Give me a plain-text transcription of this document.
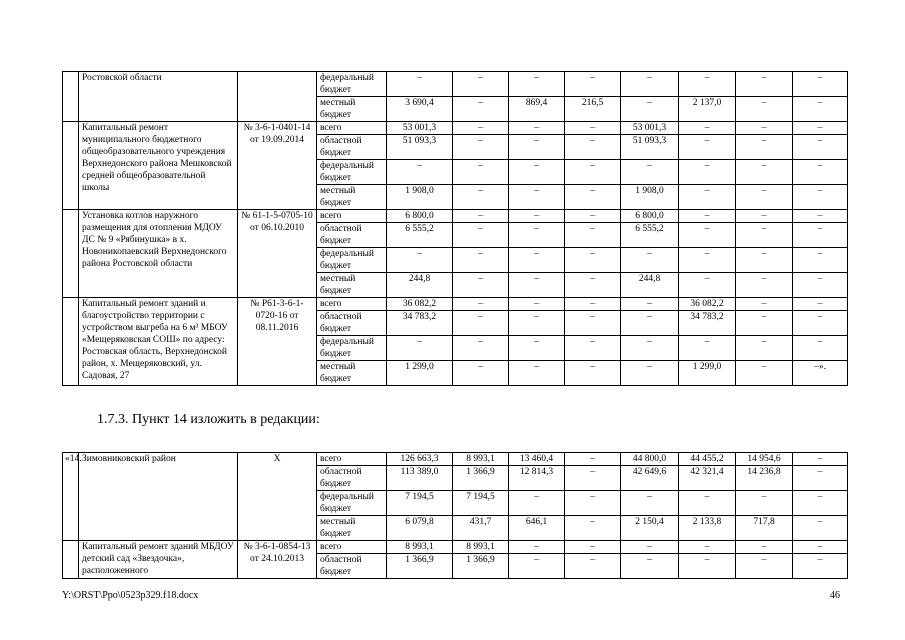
	Ростовской области		федеральный бюджет	–	–	–	–	–	–	–	–
			местный бюджет	3 690,4	–	869,4	216,5	–	2 137,0	–	–
	Капитальный ремонт муниципального бюджетного общеобразовательного учреждения Верхнедонского района Мешковской средней общеобразовательной школы	№ 3-6-1-0401-14 от 19.09.2014	всего	53 001,3	–	–	–	53 001,3	–	–	–
			областной бюджет	51 093,3	–	–	–	51 093,3	–	–	–
			федеральный бюджет	–	–	–	–	–	–	–	–
			местный бюджет	1 908,0	–	–	–	1 908,0	–	–	–
	Установка котлов наружного размещения для отопления МДОУ ДС № 9 «Рябинушка» в х. Новоникопаевский Верхнедонского района Ростовской области	№ 61-1-5-0705-10 от 06.10.2010	всего	6 800,0	–	–	–	6 800,0	–	–	–
			областной бюджет	6 555,2	–	–	–	6 555,2	–	–	–
			федеральный бюджет	–	–	–	–	–	–	–	–
			местный бюджет	244,8	–	–	–	244,8	–	–	–
	Капитальный ремонт зданий и благоустройство территории с устройством выгреба на 6 м³ МБОУ «Мещеряковская СОШ» по адресу: Ростовская область, Верхнедонской район, х. Мещеряковский, ул. Садовая, 27	№ Р61-3-6-1-0720-16 от 08.11.2016	всего	36 082,2	–	–	–	–	36 082,2	–	–
			областной бюджет	34 783,2	–	–	–	–	34 783,2	–	–
			федеральный бюджет	–	–	–	–	–	–	–	–
			местный бюджет	1 299,0	–	–	–	–	1 299,0	–	–».
1.7.3. Пункт 14 изложить в редакции:
«14.	Зимовниковский район	X	всего	126 663,3	8 993,1	13 460,4	–	44 800,0	44 455,2	14 954,6	–
			областной бюджет	113 389,0	1 366,9	12 814,3	–	42 649,6	42 321,4	14 236,8	–
			федеральный бюджет	7 194,5	7 194,5	–	–	–	–	–	–
			местный бюджет	6 079,8	431,7	646,1	–	2 150,4	2 133,8	717,8	–
	Капитальный ремонт зданий МБДОУ детский сад «Звездочка», расположенного	№ 3-6-1-0854-13 от 24.10.2013	всего	8 993,1	8 993,1	–	–	–	–	–	–
			областной бюджет	1 366,9	1 366,9	–	–	–	–	–	–
Y:\ORST\Ppo\0523p329.f18.docx	46
